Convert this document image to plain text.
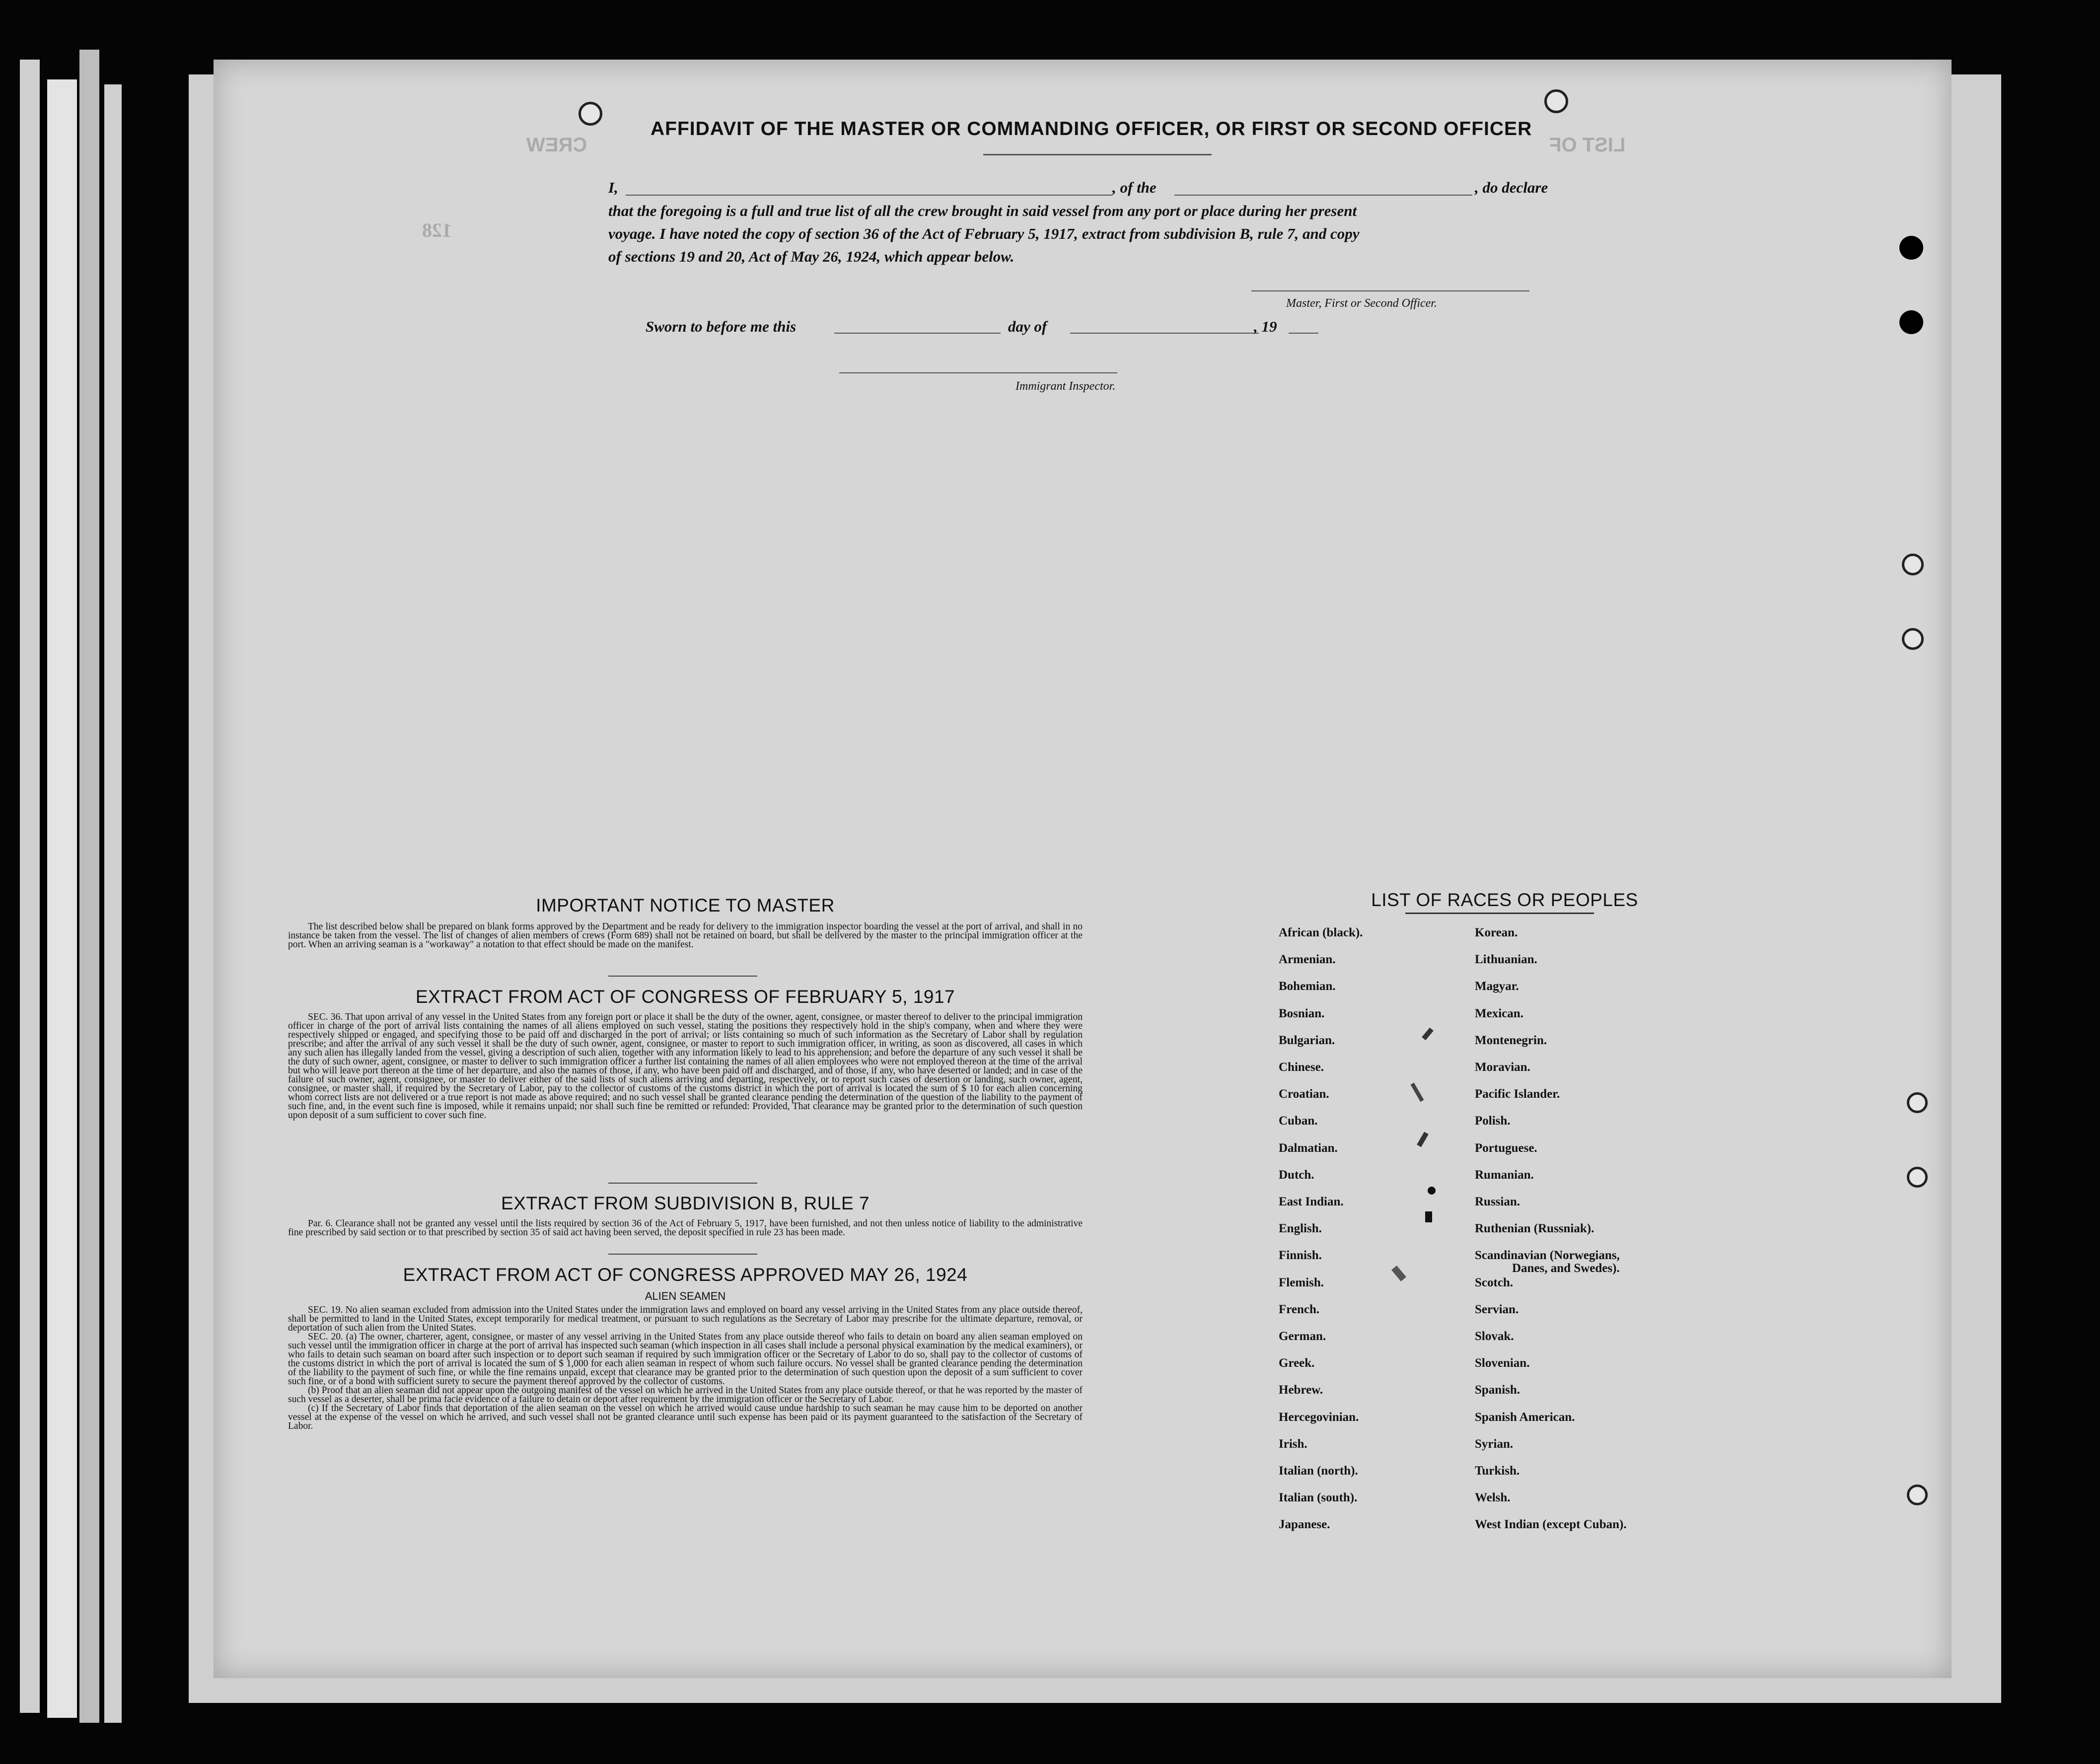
CREW	LIST OF
128
AFFIDAVIT OF THE MASTER OR COMMANDING OFFICER, OR FIRST OR SECOND OFFICER
I,	, of the	, do declare
that the foregoing is a full and true list of all the crew brought in said vessel from any port or place during her present
voyage. I have noted the copy of section 36 of the Act of February 5, 1917, extract from subdivision B, rule 7, and copy
of sections 19 and 20, Act of May 26, 1924, which appear below.
Master, First or Second Officer.
Sworn to before me this	day of	, 19
Immigrant Inspector.
IMPORTANT NOTICE TO MASTER

The list described below shall be prepared on blank forms approved by the Department and be ready for delivery to the immigration inspector boarding the vessel at the port of arrival, and shall in no instance be taken from the vessel. The list of changes of alien members of crews (Form 689) shall not be retained on board, but shall be delivered by the master to the principal immigration officer at the port. When an arriving seaman is a "workaway" a notation to that effect should be made on the manifest.

EXTRACT FROM ACT OF CONGRESS OF FEBRUARY 5, 1917

SEC. 36. That upon arrival of any vessel in the United States from any foreign port or place it shall be the duty of the owner, agent, consignee, or master thereof to deliver to the principal immigration officer in charge of the port of arrival lists containing the names of all aliens employed on such vessel, stating the positions they respectively hold in the ship's company, when and where they were respectively shipped or engaged, and specifying those to be paid off and discharged in the port of arrival; or lists containing so much of such information as the Secretary of Labor shall by regulation prescribe; and after the arrival of any such vessel it shall be the duty of such owner, agent, consignee, or master to report to such immigration officer, in writing, as soon as discovered, all cases in which any such alien has illegally landed from the vessel, giving a description of such alien, together with any information likely to lead to his apprehension; and before the departure of any such vessel it shall be the duty of such owner, agent, consignee, or master to deliver to such immigration officer a further list containing the names of all alien employees who were not employed thereon at the time of the arrival but who will leave port thereon at the time of her departure, and also the names of those, if any, who have been paid off and discharged, and of those, if any, who have deserted or landed; and in case of the failure of such owner, agent, consignee, or master to deliver either of the said lists of such aliens arriving and departing, respectively, or to report such cases of desertion or landing, such owner, agent, consignee, or master shall, if required by the Secretary of Labor, pay to the collector of customs of the customs district in which the port of arrival is located the sum of $ 10 for each alien concerning whom correct lists are not delivered or a true report is not made as above required; and no such vessel shall be granted clearance pending the determination of the question of the liability to the payment of such fine, and, in the event such fine is imposed, while it remains unpaid; nor shall such fine be remitted or refunded: Provided, That clearance may be granted prior to the determination of such question upon deposit of a sum sufficient to cover such fine.

EXTRACT FROM SUBDIVISION B, RULE 7

Par. 6. Clearance shall not be granted any vessel until the lists required by section 36 of the Act of February 5, 1917, have been furnished, and not then unless notice of liability to the administrative fine prescribed by said section or to that prescribed by section 35 of said act having been served, the deposit specified in rule 23 has been made.

EXTRACT FROM ACT OF CONGRESS APPROVED MAY 26, 1924
ALIEN SEAMEN

SEC. 19. No alien seaman excluded from admission into the United States under the immigration laws and employed on board any vessel arriving in the United States from any place outside thereof, shall be permitted to land in the United States, except temporarily for medical treatment, or pursuant to such regulations as the Secretary of Labor may prescribe for the ultimate departure, removal, or deportation of such alien from the United States.

SEC. 20. (a) The owner, charterer, agent, consignee, or master of any vessel arriving in the United States from any place outside thereof who fails to detain on board any alien seaman employed on such vessel until the immigration officer in charge at the port of arrival has inspected such seaman (which inspection in all cases shall include a personal physical examination by the medical examiners), or who fails to detain such seaman on board after such inspection or to deport such seaman if required by such immigration officer or the Secretary of Labor to do so, shall pay to the collector of customs of the customs district in which the port of arrival is located the sum of $ 1,000 for each alien seaman in respect of whom such failure occurs. No vessel shall be granted clearance pending the determination of the liability to the payment of such fine, or while the fine remains unpaid, except that clearance may be granted prior to the determination of such question upon the deposit of a sum sufficient to cover such fine, or of a bond with sufficient surety to secure the payment thereof approved by the collector of customs.

(b) Proof that an alien seaman did not appear upon the outgoing manifest of the vessel on which he arrived in the United States from any place outside thereof, or that he was reported by the master of such vessel as a deserter, shall be prima facie evidence of a failure to detain or deport after requirement by the immigration officer or the Secretary of Labor.

(c) If the Secretary of Labor finds that deportation of the alien seaman on the vessel on which he arrived would cause undue hardship to such seaman he may cause him to be deported on another vessel at the expense of the vessel on which he arrived, and such vessel shall not be granted clearance until such expense has been paid or its payment guaranteed to the satisfaction of the Secretary of Labor.

LIST OF RACES OR PEOPLES
African (black).
Armenian.
Bohemian.
Bosnian.
Bulgarian.
Chinese.
Croatian.
Cuban.
Dalmatian.
Dutch.
East Indian.
English.
Finnish.
Flemish.
French.
German.
Greek.
Hebrew.
Hercegovinian.
Irish.
Italian (north).
Italian (south).
Japanese.
Korean.
Lithuanian.
Magyar.
Mexican.
Montenegrin.
Moravian.
Pacific Islander.
Polish.
Portuguese.
Rumanian.
Russian.
Ruthenian (Russniak).
Scandinavian (Norwegians,
Danes, and Swedes).
Scotch.
Servian.
Slovak.
Slovenian.
Spanish.
Spanish American.
Syrian.
Turkish.
Welsh.
West Indian (except Cuban).
